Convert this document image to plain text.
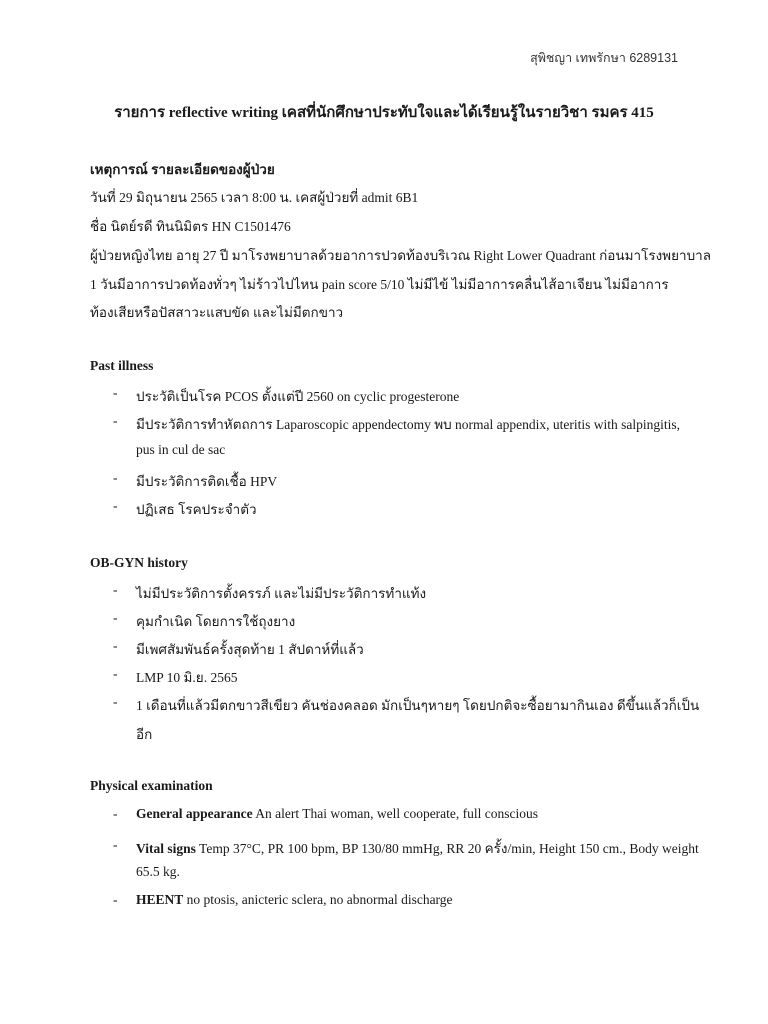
สุพิชญา เทพรักษา 6289131
รายการ reflective writing เคสที่นักศึกษาประทับใจและได้เรียนรู้ในรายวิชา รมคร 415
เหตุการณ์ รายละเอียดของผู้ป่วย
วันที่ 29 มิถุนายน 2565 เวลา 8:00 น. เคสผู้ป่วยที่ admit 6B1
ชื่อ นิตย์รดี ทินนิมิตร HN C1501476
ผู้ป่วยหญิงไทย อายุ 27 ปี มาโรงพยาบาลด้วยอาการปวดท้องบริเวณ Right Lower Quadrant ก่อนมาโรงพยาบาล
1 วันมีอาการปวดท้องทั่วๆ ไม่ร้าวไปไหน pain score 5/10 ไม่มีไข้ ไม่มีอาการคลื่นไส้อาเจียน ไม่มีอาการ
ท้องเสียหรือปัสสาวะแสบขัด และไม่มีตกขาว
Past illness
- ประวัติเป็นโรค PCOS ตั้งแต่ปี 2560 on cyclic progesterone
- มีประวัติการทำหัตถการ Laparoscopic appendectomy พบ normal appendix, uteritis with salpingitis,
pus in cul de sac
- มีประวัติการติดเชื้อ HPV
- ปฏิเสธ โรคประจำตัว
OB-GYN history
- ไม่มีประวัติการตั้งครรภ์ และไม่มีประวัติการทำแท้ง
- คุมกำเนิด โดยการใช้ถุงยาง
- มีเพศสัมพันธ์ครั้งสุดท้าย 1 สัปดาห์ที่แล้ว
- LMP 10 มิ.ย. 2565
- 1 เดือนที่แล้วมีตกขาวสีเขียว คันช่องคลอด มักเป็นๆหายๆ โดยปกติจะซื้อยามากินเอง ดีขึ้นแล้วก็เป็น
อีก
Physical examination
- General appearance An alert Thai woman, well cooperate, full conscious
- Vital signs Temp 37°C, PR 100 bpm, BP 130/80 mmHg, RR 20 ครั้ง/min, Height 150 cm., Body weight
65.5 kg.
- HEENT no ptosis, anicteric sclera, no abnormal discharge
